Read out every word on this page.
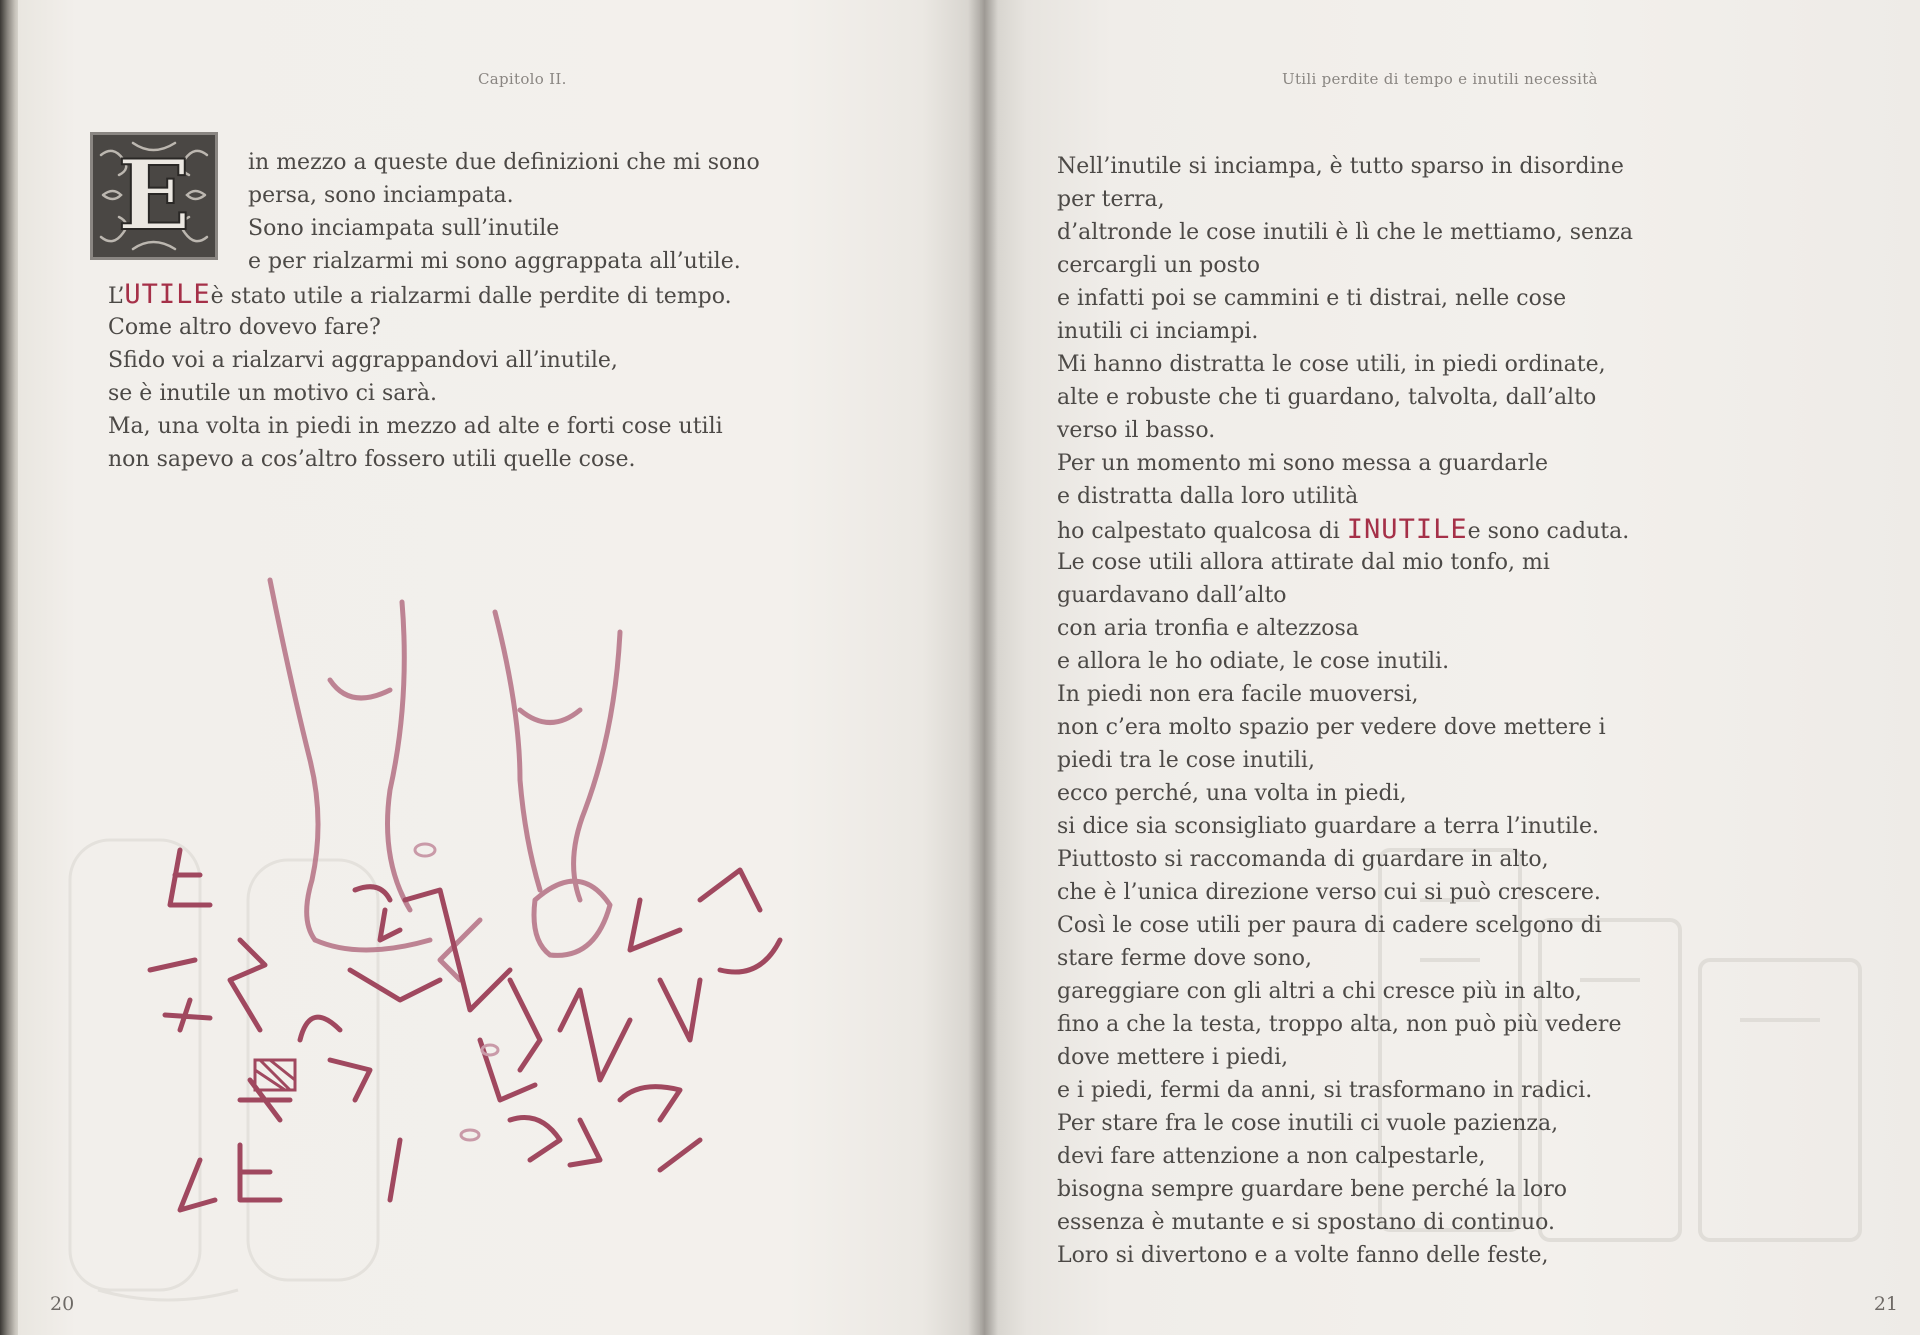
Capitolo II.
20
E	in mezzo a queste due definizioni che mi sono
persa, sono inciampata.
Sono inciampata sull’inutile
e per rialzarmi mi sono aggrappata all’utile.
L’UTILEè stato utile a rialzarmi dalle perdite di tempo.
Come altro dovevo fare?
Sfido voi a rialzarvi aggrappandovi all’inutile,
se è inutile un motivo ci sarà.
Ma, una volta in piedi in mezzo ad alte e forti cose utili
non sapevo a cos’altro fossero utili quelle cose.
Utili perdite di tempo e inutili necessità
21
Nell’inutile si inciampa, è tutto sparso in disordine
per terra,
d’altronde le cose inutili è lì che le mettiamo, senza
cercargli un posto
e infatti poi se cammini e ti distrai, nelle cose
inutili ci inciampi.
Mi hanno distratta le cose utili, in piedi ordinate,
alte e robuste che ti guardano, talvolta, dall’alto
verso il basso.
Per un momento mi sono messa a guardarle
e distratta dalla loro utilità
ho calpestato qualcosa di INUTILEe sono caduta.
Le cose utili allora attirate dal mio tonfo, mi
guardavano dall’alto
con aria tronfia e altezzosa
e allora le ho odiate, le cose inutili.
In piedi non era facile muoversi,
non c’era molto spazio per vedere dove mettere i
piedi tra le cose inutili,
ecco perché, una volta in piedi,
si dice sia sconsigliato guardare a terra l’inutile.
Piuttosto si raccomanda di guardare in alto,
che è l’unica direzione verso cui si può crescere.
Così le cose utili per paura di cadere scelgono di
stare ferme dove sono,
gareggiare con gli altri a chi cresce più in alto,
fino a che la testa, troppo alta, non può più vedere
dove mettere i piedi,
e i piedi, fermi da anni, si trasformano in radici.
Per stare fra le cose inutili ci vuole pazienza,
devi fare attenzione a non calpestarle,
bisogna sempre guardare bene perché la loro
essenza è mutante e si spostano di continuo.
Loro si divertono e a volte fanno delle feste,
